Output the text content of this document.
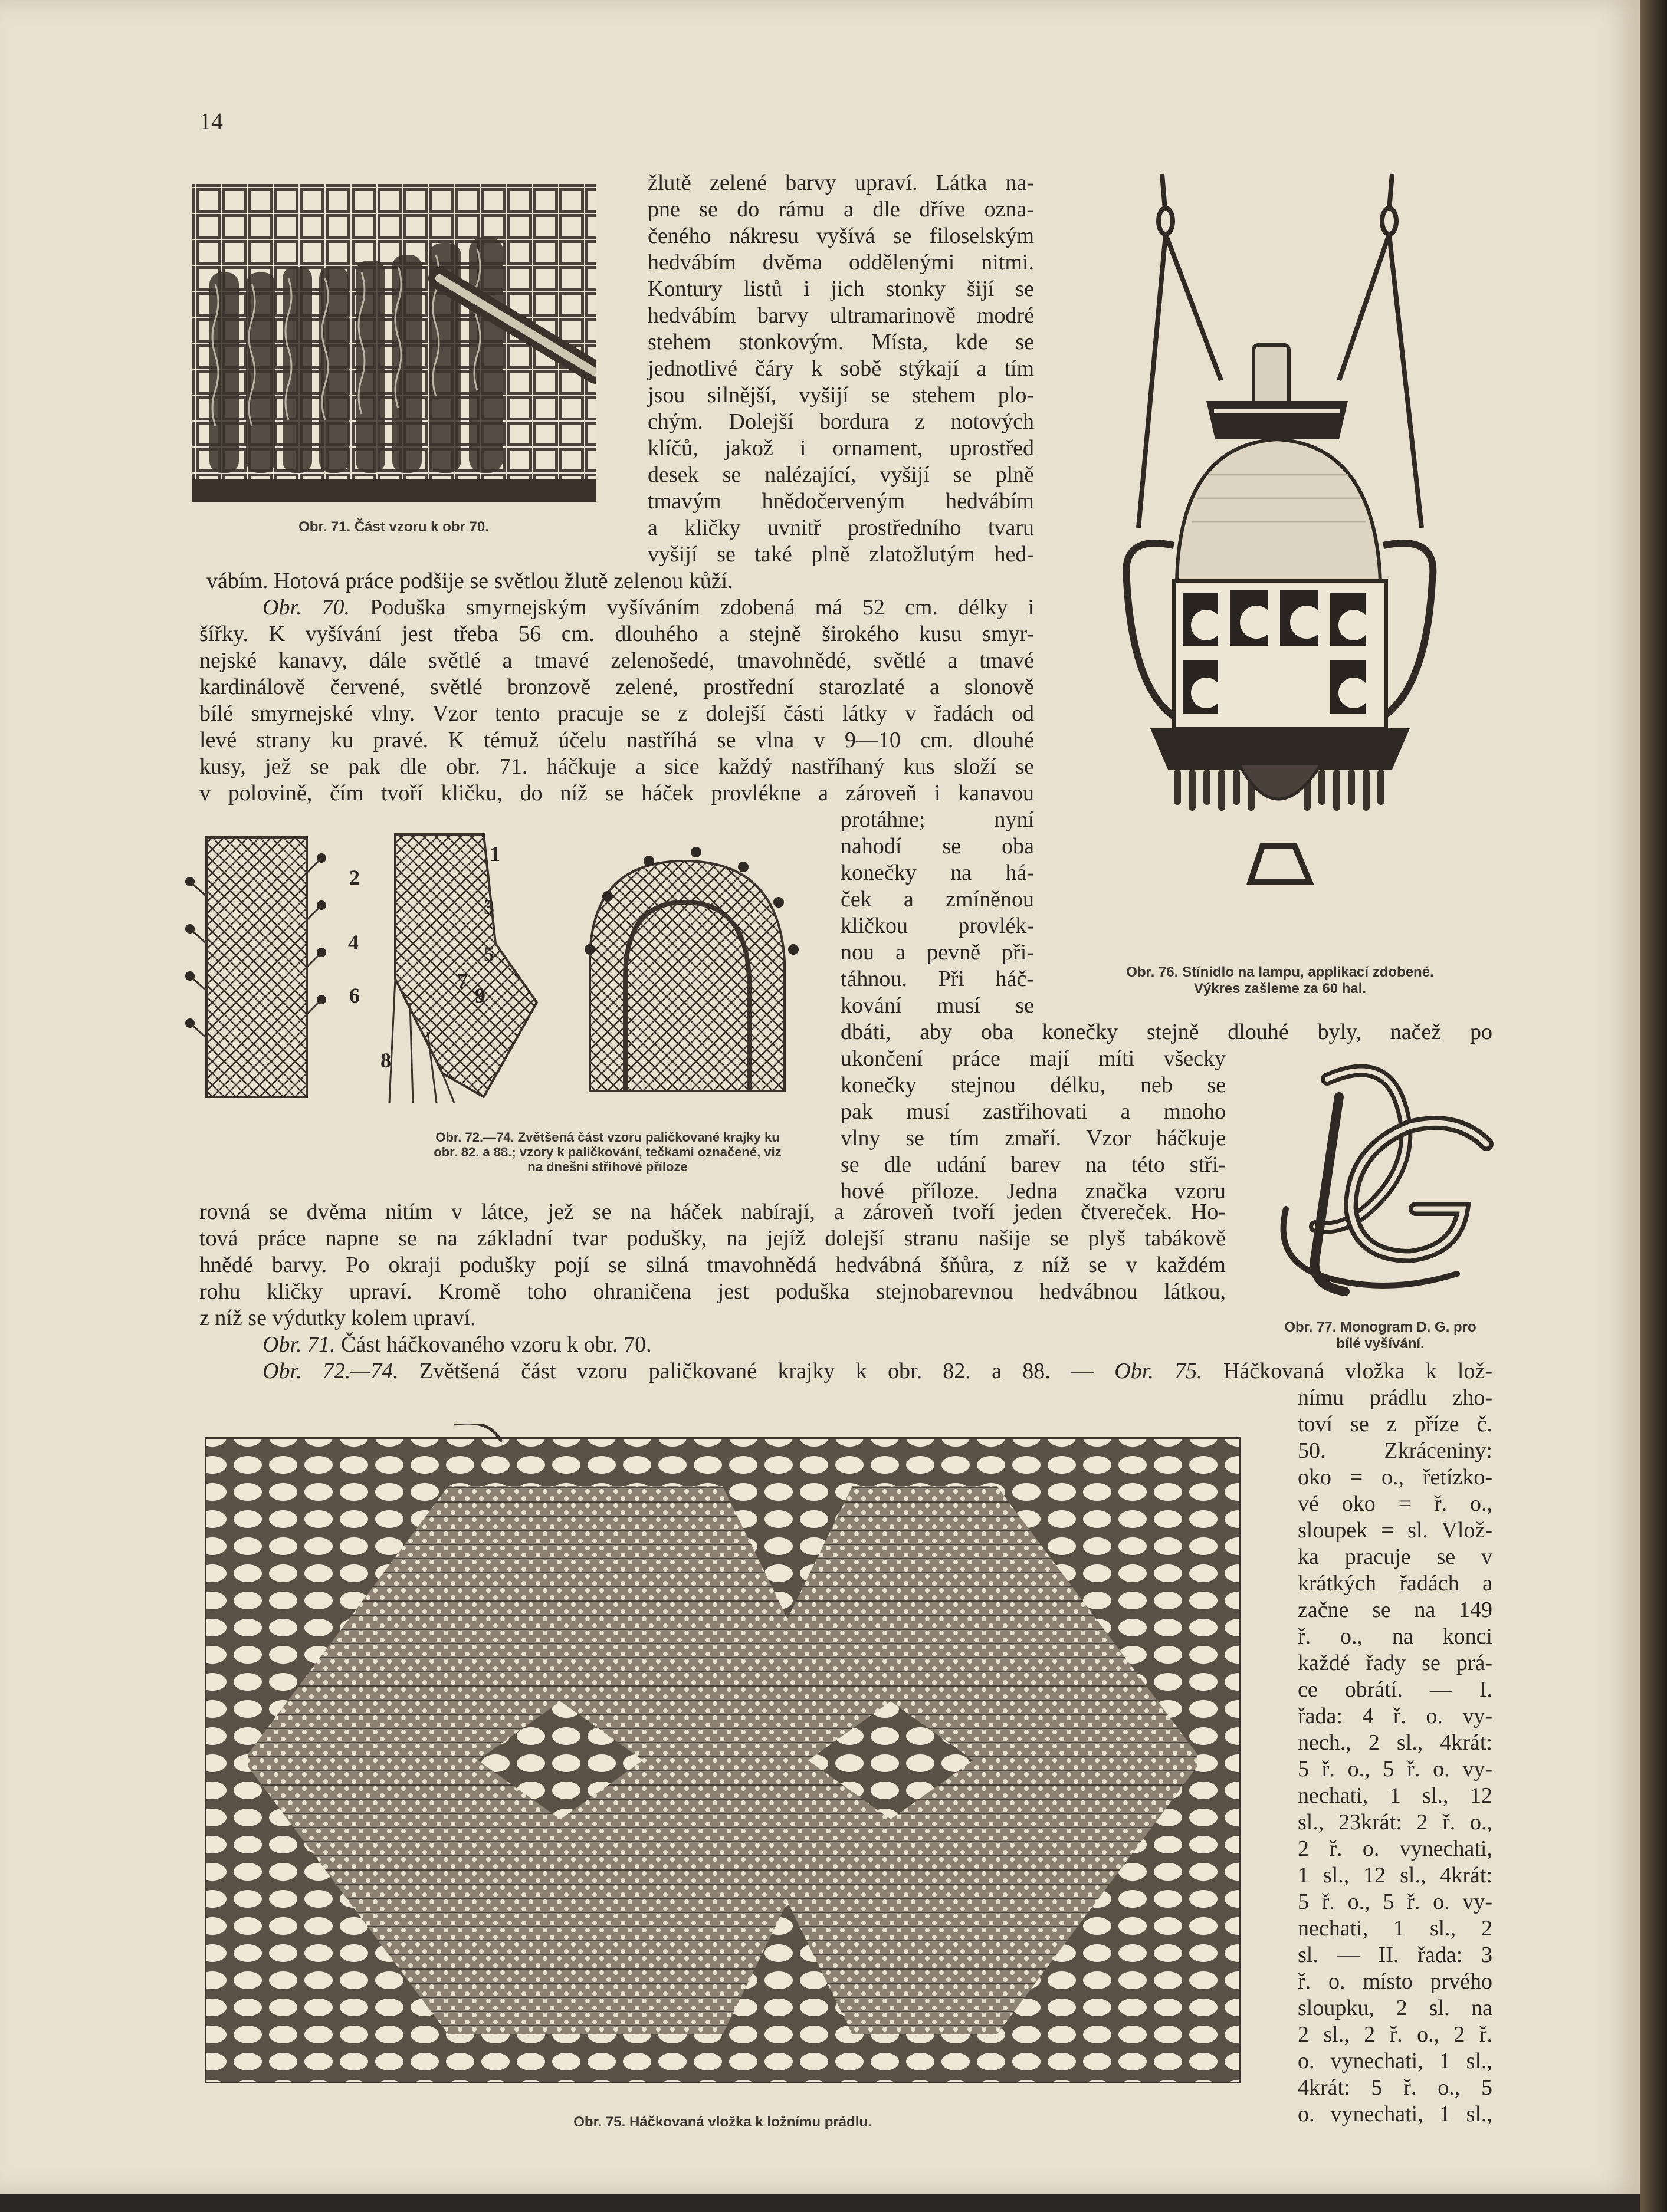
14
Obr. 71. Část vzoru k obr 70.
žlutě zelené barvy upraví. Látka na-
pne se do rámu a dle dříve ozna-
čeného nákresu vyšívá se filoselským
hedvábím dvěma oddělenými nitmi.
Kontury listů i jich stonky šijí se
hedvábím barvy ultramarinově modré
stehem stonkovým. Místa, kde se
jednotlivé čáry k sobě stýkají a tím
jsou silnější, vyšijí se stehem plo-
chým. Dolejší bordura z notových
klíčů, jakož i ornament, uprostřed
desek se nalézající, vyšijí se plně
tmavým hnědočerveným hedvábím
a kličky uvnitř prostředního tvaru
vyšijí se také plně zlatožlutým hed-
vábím. Hotová práce podšije se světlou žlutě zelenou kůží.
Obr. 70. Poduška smyrnejským vyšíváním zdobená má 52 cm. délky i
šířky. K vyšívání jest třeba 56 cm. dlouhého a stejně širokého kusu smyr-
nejské kanavy, dále světlé a tmavé zelenošedé, tmavohnědé, světlé a tmavé
kardinálově červené, světlé bronzově zelené, prostřední starozlaté a slonově
bílé smyrnejské vlny. Vzor tento pracuje se z dolejší části látky v řadách od
levé strany ku pravé. K témuž účelu nastříhá se vlna v 9—10 cm. dlouhé
kusy, jež se pak dle obr. 71. háčkuje a sice každý nastříhaný kus složí se
v polovině, čím tvoří kličku, do níž se háček provlékne a zároveň i kanavou
Obr. 76. Stínidlo na lampu, applikací zdobené.
Výkres zašleme za 60 hal.
1
2
3
4	5
6
7
8
9
Obr. 72.—74. Zvětšená část vzoru paličkované krajky ku
obr. 82. a 88.; vzory k paličkování, tečkami označené, viz
na dnešní střihové příloze
protáhne; nyní
nahodí se oba
konečky na há-
ček a zmíněnou
kličkou provlék-
nou a pevně při-
táhnou. Při háč-
kování musí se
dbáti, aby oba konečky stejně dlouhé byly, načež po
ukončení práce mají míti všecky
konečky stejnou délku, neb se
pak musí zastřihovati a mnoho
vlny se tím zmaří. Vzor háčkuje
se dle udání barev na této stři-
hové příloze. Jedna značka vzoru
Obr. 77. Monogram D. G. pro
bílé vyšívání.
rovná se dvěma nitím v látce, jež se na háček nabírají, a zároveň tvoří jeden čtvereček. Ho-
tová práce napne se na základní tvar podušky, na jejíž dolejší stranu našije se plyš tabákově
hnědé barvy. Po okraji podušky pojí se silná tmavohnědá hedvábná šňůra, z níž se v každém
rohu kličky upraví. Kromě toho ohraničena jest poduška stejnobarevnou hedvábnou látkou,
z níž se výdutky kolem upraví.
Obr. 71. Část háčkovaného vzoru k obr. 70.
Obr. 72.—74. Zvětšená část vzoru paličkované krajky k obr. 82. a 88. — Obr. 75. Háčkovaná vložka k lož-
Obr. 75. Háčkovaná vložka k ložnímu prádlu.
nímu prádlu zho-
toví se z příze č.
50. Zkráceniny:
oko = o., řetízko-
vé oko = ř. o.,
sloupek = sl. Vlož-
ka pracuje se v
krátkých řadách a
začne se na 149
ř. o., na konci
každé řady se prá-
ce obrátí. — I.
řada: 4 ř. o. vy-
nech., 2 sl., 4krát:
5 ř. o., 5 ř. o. vy-
nechati, 1 sl., 12
sl., 23krát: 2 ř. o.,
2 ř. o. vynechati,
1 sl., 12 sl., 4krát:
5 ř. o., 5 ř. o. vy-
nechati, 1 sl., 2
sl. — II. řada: 3
ř. o. místo prvého
sloupku, 2 sl. na
2 sl., 2 ř. o., 2 ř.
o. vynechati, 1 sl.,
4krát: 5 ř. o., 5
o. vynechati, 1 sl.,
